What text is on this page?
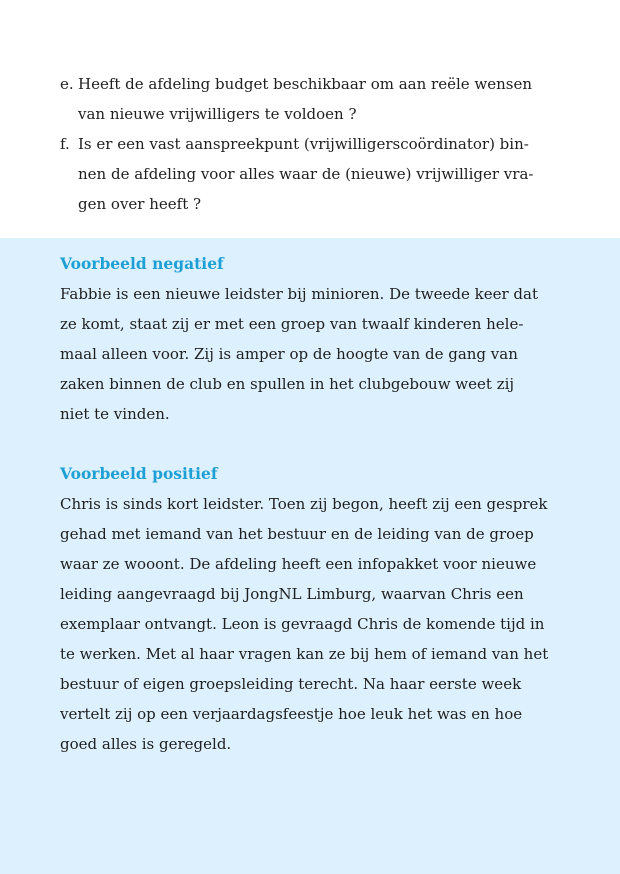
e. Heeft de afdeling budget beschikbaar om aan reële wensen
van nieuwe vrijwilligers te voldoen ?
f. Is er een vast aanspreekpunt (vrijwilligerscoördinator) bin-
nen de afdeling voor alles waar de (nieuwe) vrijwilliger vra-
gen over heeft ?
Voorbeeld negatief
Fabbie is een nieuwe leidster bij minioren. De tweede keer dat
ze komt, staat zij er met een groep van twaalf kinderen hele-
maal alleen voor. Zij is amper op de hoogte van de gang van
zaken binnen de club en spullen in het clubgebouw weet zij
niet te vinden.
Voorbeeld positief
Chris is sinds kort leidster. Toen zij begon, heeft zij een gesprek
gehad met iemand van het bestuur en de leiding van de groep
waar ze wooont. De afdeling heeft een infopakket voor nieuwe
leiding aangevraagd bij JongNL Limburg, waarvan Chris een
exemplaar ontvangt. Leon is gevraagd Chris de komende tijd in
te werken. Met al haar vragen kan ze bij hem of iemand van het
bestuur of eigen groepsleiding terecht. Na haar eerste week
vertelt zij op een verjaardagsfeestje hoe leuk het was en hoe
goed alles is geregeld.
